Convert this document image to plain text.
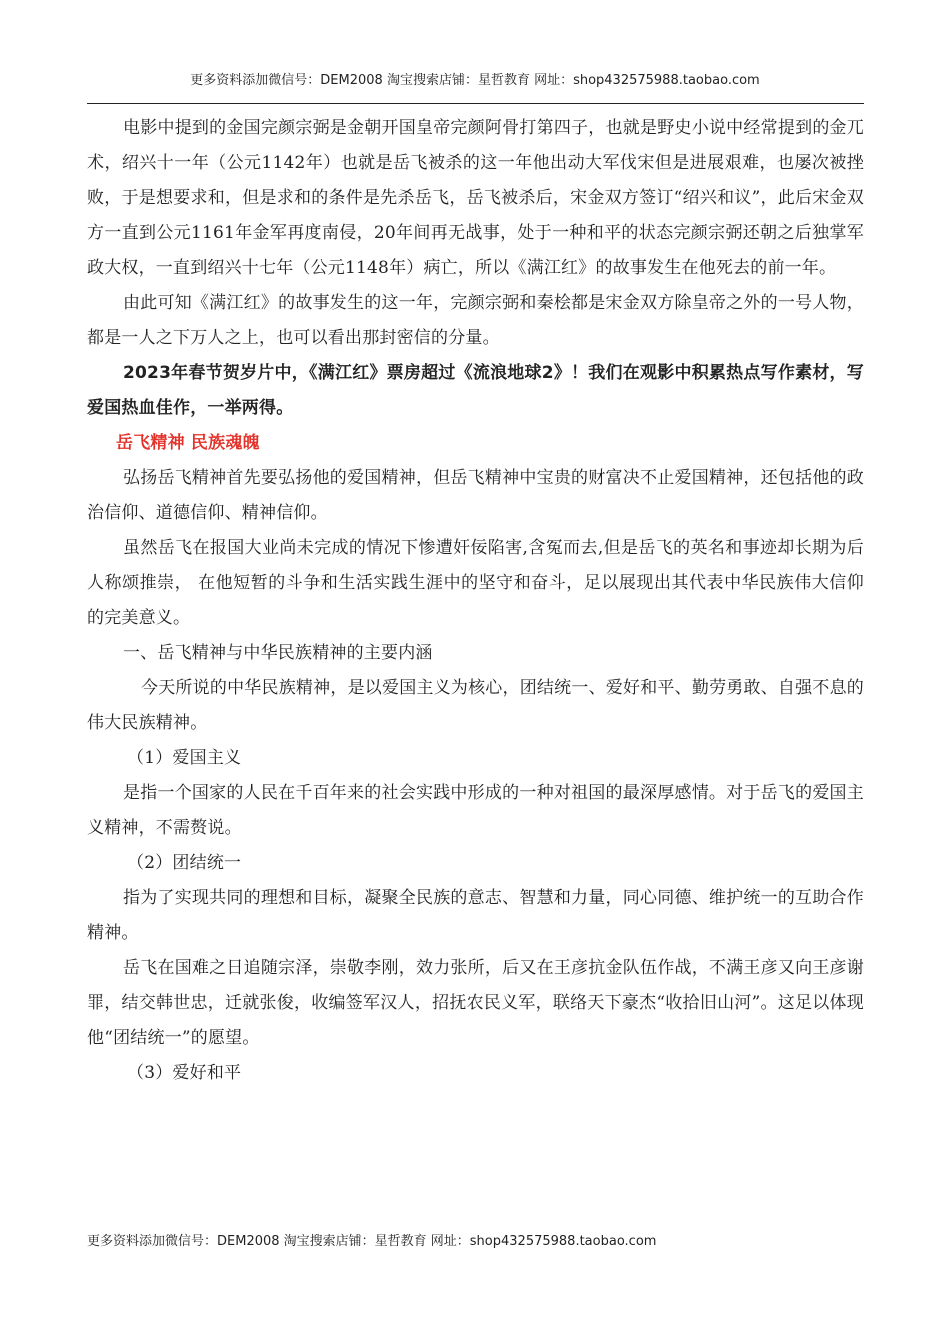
更多资料添加微信号：DEM2008 淘宝搜索店铺：星哲教育 网址：shop432575988.taobao.com

电影中提到的金国完颜宗弼是金朝开国皇帝完颜阿骨打第四子，也就是野史小说中经常提到的金兀术，绍兴十一年（公元1142年）也就是岳飞被杀的这一年他出动大军伐宋但是进展艰难，也屡次被挫败，于是想要求和，但是求和的条件是先杀岳飞，岳飞被杀后，宋金双方签订“绍兴和议”，此后宋金双方一直到公元1161年金军再度南侵，20年间再无战事，处于一种和平的状态完颜宗弼还朝之后独掌军政大权，一直到绍兴十七年（公元1148年）病亡，所以《满江红》的故事发生在他死去的前一年。

由此可知《满江红》的故事发生的这一年，完颜宗弼和秦桧都是宋金双方除皇帝之外的一号人物，都是一人之下万人之上，也可以看出那封密信的分量。

2023年春节贺岁片中，《满江红》票房超过《流浪地球2》！我们在观影中积累热点写作素材，写爱国热血佳作，一举两得。

岳飞精神 民族魂魄

弘扬岳飞精神首先要弘扬他的爱国精神，但岳飞精神中宝贵的财富决不止爱国精神，还包括他的政治信仰、道德信仰、精神信仰。

虽然岳飞在报国大业尚未完成的情况下惨遭奸佞陷害,含冤而去,但是岳飞的英名和事迹却长期为后人称颂推崇， 在他短暂的斗争和生活实践生涯中的坚守和奋斗，足以展现出其代表中华民族伟大信仰的完美意义。

一、岳飞精神与中华民族精神的主要内涵

今天所说的中华民族精神，是以爱国主义为核心，团结统一、爱好和平、勤劳勇敢、自强不息的伟大民族精神。

（1）爱国主义

是指一个国家的人民在千百年来的社会实践中形成的一种对祖国的最深厚感情。对于岳飞的爱国主义精神，不需赘说。

（2）团结统一

指为了实现共同的理想和目标，凝聚全民族的意志、智慧和力量，同心同德、维护统一的互助合作精神。

岳飞在国难之日追随宗泽，崇敬李刚，效力张所，后又在王彦抗金队伍作战，不满王彦又向王彦谢罪，结交韩世忠，迁就张俊，收编签军汉人，招抚农民义军，联络天下豪杰“收拾旧山河”。这足以体现他“团结统一”的愿望。

（3）爱好和平

更多资料添加微信号：DEM2008 淘宝搜索店铺：星哲教育 网址：shop432575988.taobao.com
